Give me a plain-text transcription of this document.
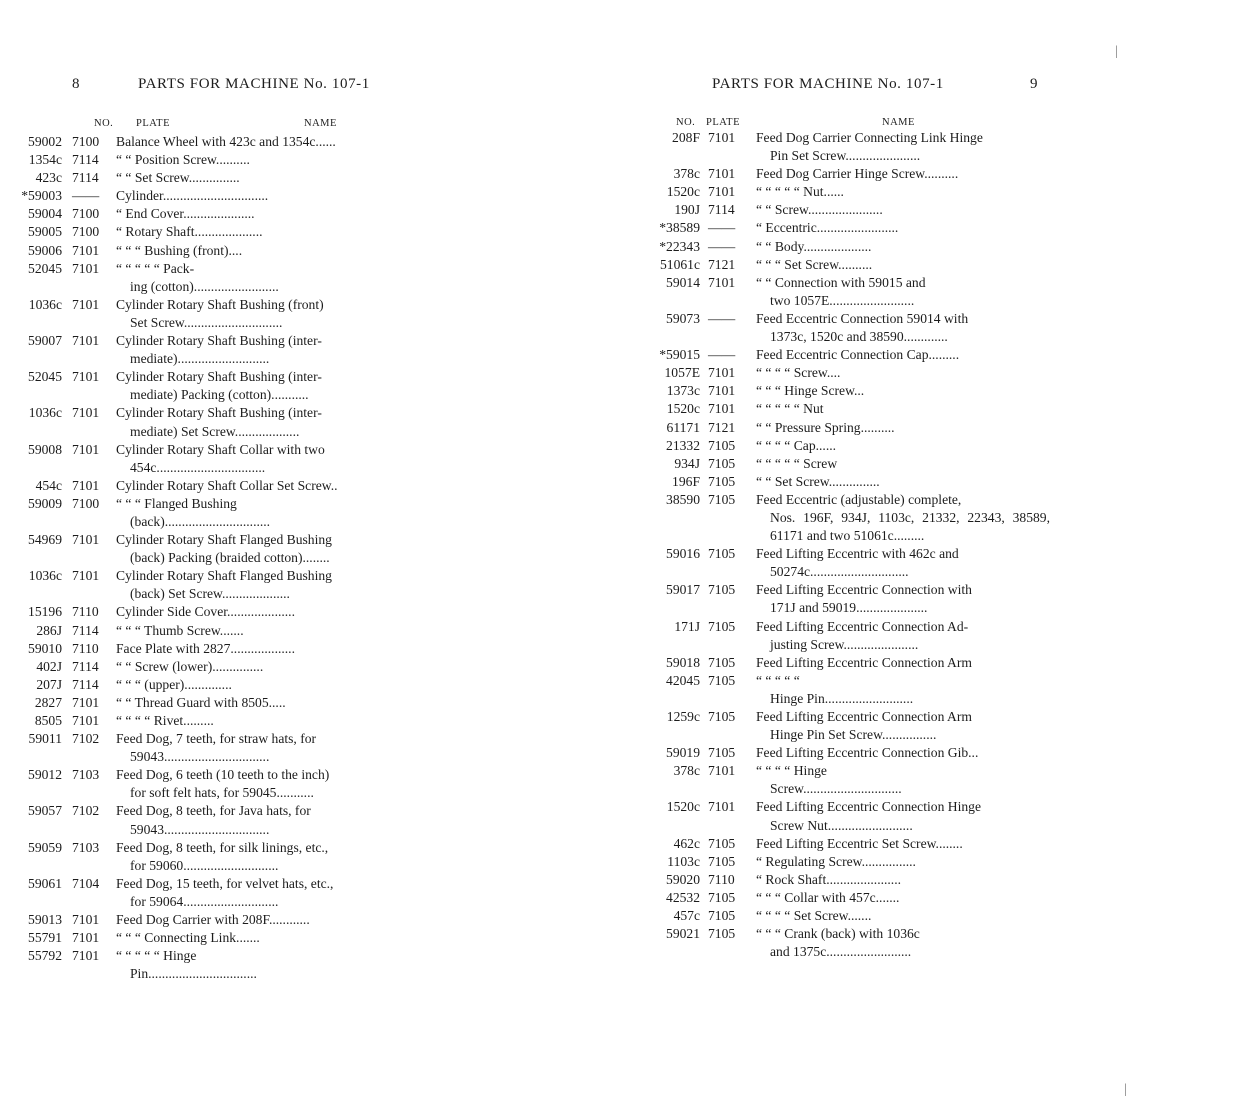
8	PARTS FOR MACHINE No. 107-1
NO. PLATE	NAME
59002 7100	Balance Wheel with 423c and 1354c......
1354c 7114	“ “ Position Screw..........
423c 7114	“ “ Set Screw...............
*59003 ——	Cylinder...............................
59004 7100	“ End Cover.....................
59005 7100	“ Rotary Shaft....................
59006 7101	“ “ “ Bushing (front)....
52045 7101	“ “ “ “ “ Pack-
ing (cotton).........................
1036c 7101	Cylinder Rotary Shaft Bushing (front)
Set Screw.............................
59007 7101	Cylinder Rotary Shaft Bushing (inter-
mediate)...........................
52045 7101	Cylinder Rotary Shaft Bushing (inter-
mediate) Packing (cotton)...........
1036c 7101	Cylinder Rotary Shaft Bushing (inter-
mediate) Set Screw...................
59008 7101	Cylinder Rotary Shaft Collar with two
454c................................
454c 7101	Cylinder Rotary Shaft Collar Set Screw..
59009 7100	“ “ “ Flanged Bushing
(back)...............................
54969 7101	Cylinder Rotary Shaft Flanged Bushing
(back) Packing (braided cotton)........
1036c 7101	Cylinder Rotary Shaft Flanged Bushing
(back) Set Screw....................
15196 7110	Cylinder Side Cover....................
286J 7114	“ “ “ Thumb Screw.......
59010 7110	Face Plate with 2827...................
402J 7114	“ “ Screw (lower)...............
207J 7114	“ “ “ (upper)..............
2827 7101	“ “ Thread Guard with 8505.....
8505 7101	“ “ “ “ Rivet.........
59011 7102	Feed Dog, 7 teeth, for straw hats, for
59043...............................
59012 7103	Feed Dog, 6 teeth (10 teeth to the inch)
for soft felt hats, for 59045...........
59057 7102	Feed Dog, 8 teeth, for Java hats, for
59043...............................
59059 7103	Feed Dog, 8 teeth, for silk linings, etc.,
for 59060............................
59061 7104	Feed Dog, 15 teeth, for velvet hats, etc.,
for 59064............................
59013 7101	Feed Dog Carrier with 208F............
55791 7101	“ “ “ Connecting Link.......
55792 7101	“ “ “ “ “ Hinge
Pin................................
PARTS FOR MACHINE No. 107-1	9
NO. PLATE	NAME
208F 7101	Feed Dog Carrier Connecting Link Hinge
Pin Set Screw......................
378c 7101	Feed Dog Carrier Hinge Screw..........
1520c 7101	“ “ “ “ “ Nut......
190J 7114	“ “ Screw......................
*38589 ——	“ Eccentric........................
*22343 ——	“ “ Body....................
51061c 7121	“ “ “ Set Screw..........
59014 7101	“ “ Connection with 59015 and
two 1057E.........................
59073 ——	Feed Eccentric Connection 59014 with
1373c, 1520c and 38590.............
*59015 ——	Feed Eccentric Connection Cap.........
1057E 7101	“ “ “ “ Screw....
1373c 7101	“ “ “ Hinge Screw...
1520c 7101	“ “ “ “ “ Nut
61171 7121	“ “ Pressure Spring..........
21332 7105	“ “ “ “ Cap......
934J 7105	“ “ “ “ “ Screw
196F 7105	“ “ Set Screw...............
38590 7105	Feed Eccentric (adjustable) complete,
Nos. 196F, 934J, 1103c, 21332, 22343, 38589, 61171 and two 51061c.........
59016 7105	Feed Lifting Eccentric with 462c and
50274c.............................
59017 7105	Feed Lifting Eccentric Connection with
171J and 59019.....................
171J 7105	Feed Lifting Eccentric Connection Ad-
justing Screw......................
59018 7105	Feed Lifting Eccentric Connection Arm
42045 7105	“ “ “ “ “
Hinge Pin..........................
1259c 7105	Feed Lifting Eccentric Connection Arm
Hinge Pin Set Screw................
59019 7105	Feed Lifting Eccentric Connection Gib...
378c 7101	“ “ “ “ Hinge
Screw.............................
1520c 7101	Feed Lifting Eccentric Connection Hinge
Screw Nut.........................
462c 7105	Feed Lifting Eccentric Set Screw........
1103c 7105	“ Regulating Screw................
59020 7110	“ Rock Shaft......................
42532 7105	“ “ “ Collar with 457c.......
457c 7105	“ “ “ “ Set Screw.......
59021 7105	“ “ “ Crank (back) with 1036c
and 1375c.........................
|
|
